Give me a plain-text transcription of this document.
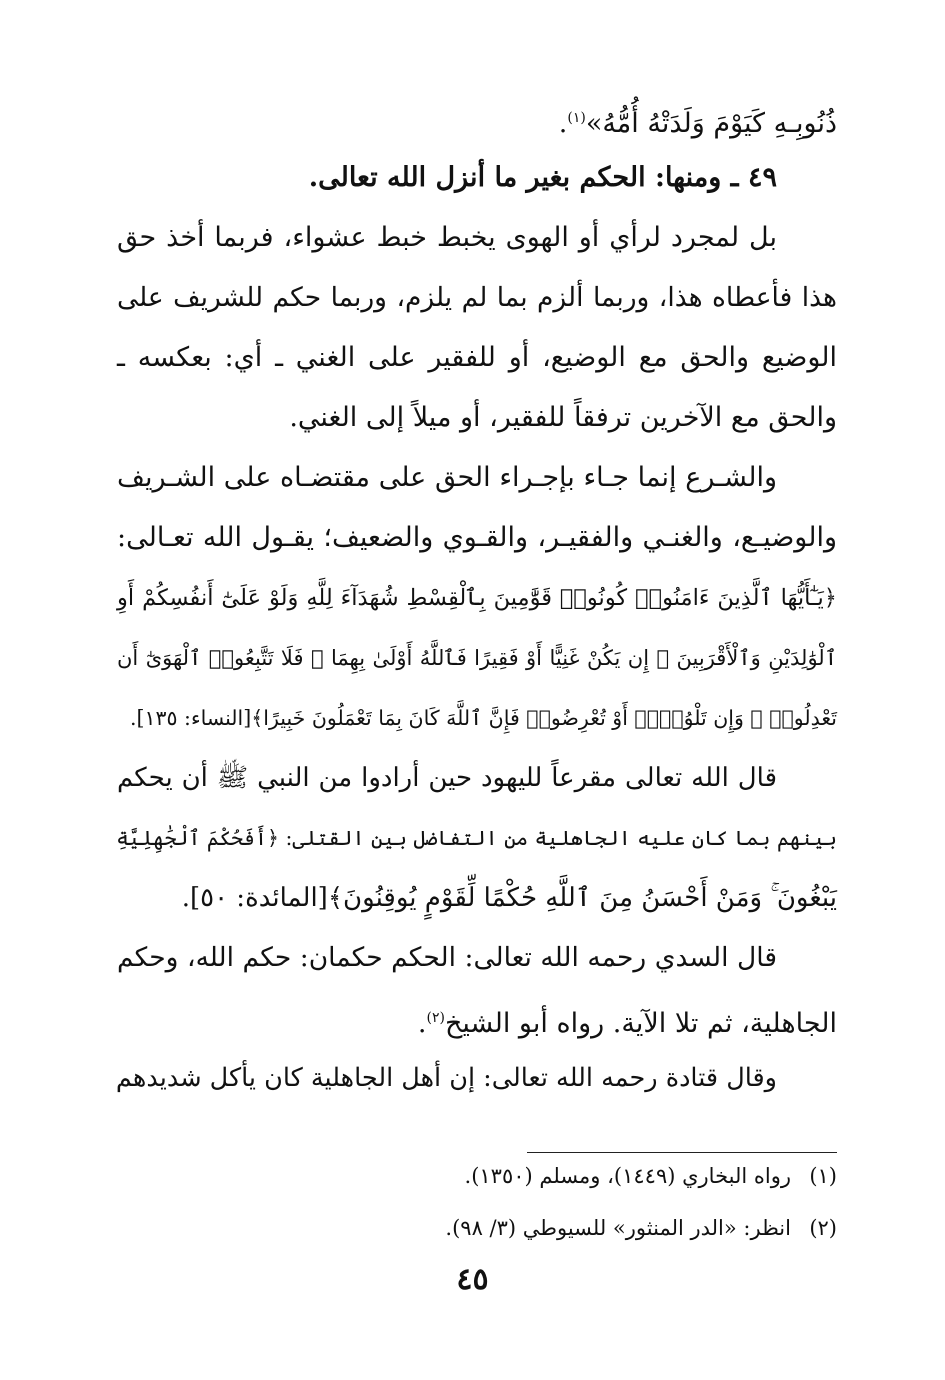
ذُنُوبِـهِ كَيَوْمَ وَلَدَتْهُ أُمُّهُ»$^{(١)}$.
٤٩ ـ ومنها: الحكم بغير ما أنزل الله تعالى.
بل لمجرد لرأي أو الهوى يخبط خبط عشواء، فربما أخذ حق
هذا فأعطاه هذا، وربما ألزم بما لم يلزم، وربما حكم للشريف على
الوضيع والحق مع الوضيع، أو للفقير على الغني ـ أي: بعكسه ـ
والحق مع الآخرين ترفقاً للفقير، أو ميلاً إلى الغني.
والشـرع إنما جـاء بإجـراء الحق على مقتضـاه على الشـريف
والوضيـع، والغنـي والفقيـر، والقـوي والضعيف؛ يقـول الله تعـالى:
﴿يَـٰٓأَيُّهَا ٱلَّذِينَ ءَامَنُوا۟ كُونُوا۟ قَوَّٰمِينَ بِٱلْقِسْطِ شُهَدَآءَ لِلَّهِ وَلَوْ عَلَىٰٓ أَنفُسِكُمْ أَوِ
ٱلْوَٰلِدَيْنِ وَٱلْأَقْرَبِينَ ۚ إِن يَكُنْ غَنِيًّا أَوْ فَقِيرًا فَٱللَّهُ أَوْلَىٰ بِهِمَا ۖ فَلَا تَتَّبِعُوا۟ ٱلْهَوَىٰٓ أَن
تَعْدِلُوا۟ ۚ وَإِن تَلْوُۥٓا۟ أَوْ تُعْرِضُوا۟ فَإِنَّ ٱللَّهَ كَانَ بِمَا تَعْمَلُونَ خَبِيرًا﴾[النساء: ١٣٥].
قال الله تعالى مقرعاً لليهود حين أرادوا من النبي ﷺ أن يحكم
بينهم بما كان عليه الجاهلية من التفاضل بين القتلى: ﴿أَفَحُكْمَ ٱلْجَٰهِلِيَّةِ
يَبْغُونَ ۚ وَمَنْ أَحْسَنُ مِنَ ٱللَّهِ حُكْمًا لِّقَوْمٍ يُوقِنُونَ﴾[المائدة: ٥٠].
قال السدي رحمه الله تعالى: الحكم حكمان: حكم الله، وحكم
الجاهلية، ثم تلا الآية. رواه أبو الشيخ$^{(٢)}$.
وقال قتادة رحمه الله تعالى: إن أهل الجاهلية كان يأكل شديدهم
(١)رواه البخاري (١٤٤٩)، ومسلم (١٣٥٠).
(٢)انظر: «الدر المنثور» للسيوطي (٣/ ٩٨).
٤٥
